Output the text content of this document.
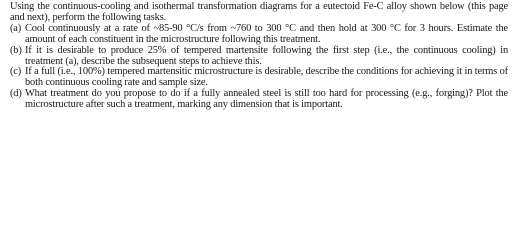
Using the continuous-cooling and isothermal transformation diagrams for a eutectoid Fe-C alloy shown below (this page and next), perform the following tasks.

(a) Cool continuously at a rate of ~85-90 °C/s from ~760 to 300 °C and then hold at 300 °C for 3 hours. Estimate the amount of each constituent in the microstructure following this treatment.
(b) If it is desirable to produce 25% of tempered martensite following the first step (i.e., the continuous cooling) in treatment (a), describe the subsequent steps to achieve this.
(c) If a full (i.e., 100%) tempered martensitic microstructure is desirable, describe the conditions for achieving it in terms of both continuous cooling rate and sample size.
(d) What treatment do you propose to do if a fully annealed steel is still too hard for processing (e.g., forging)? Plot the microstructure after such a treatment, marking any dimension that is important.
